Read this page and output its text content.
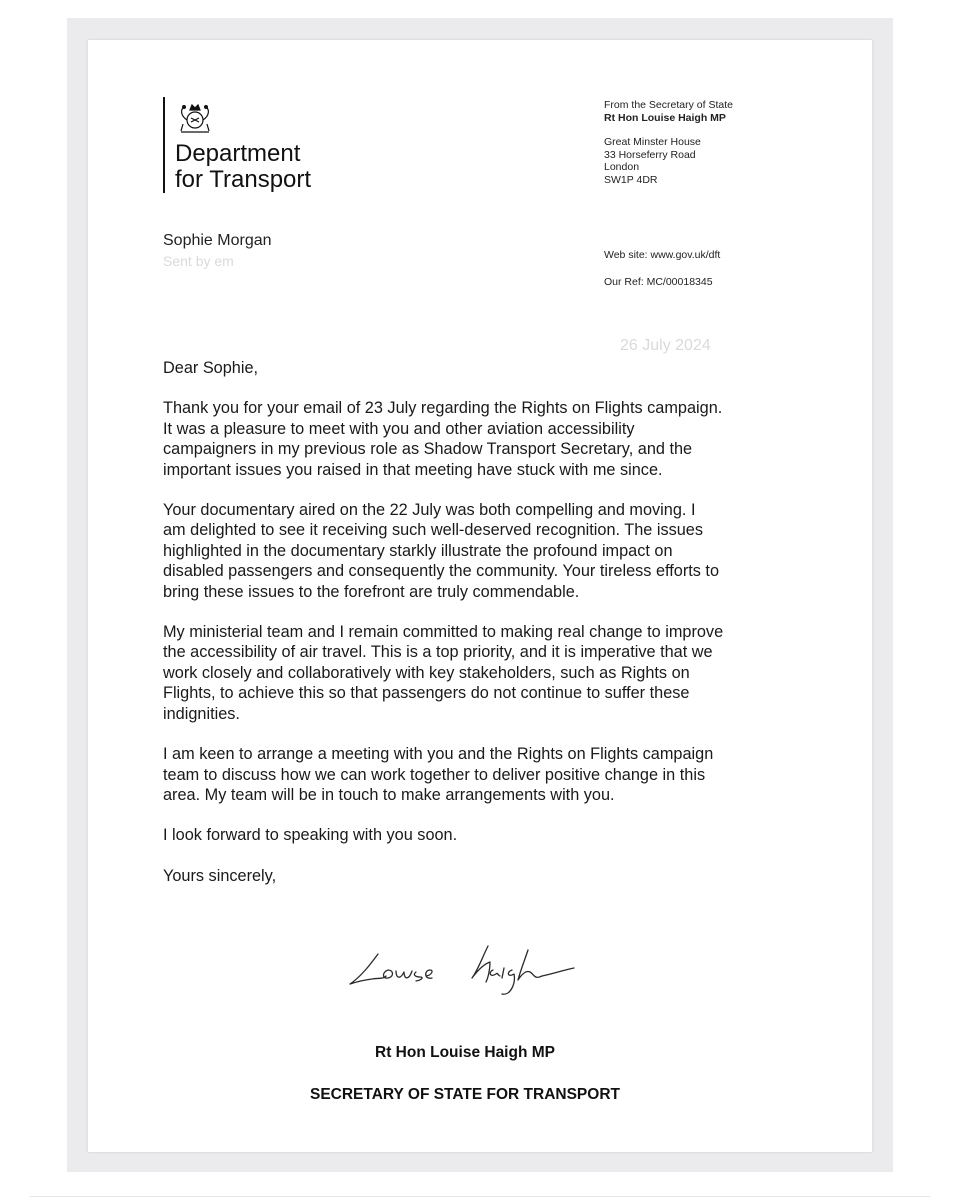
Department
for Transport
From the Secretary of State
Rt Hon Louise Haigh MP
Great Minster House
33 Horseferry Road
London
SW1P 4DR
Sophie Morgan
Sent by em	Web site: www.gov.uk/dft
Our Ref: MC/00018345
26 July 2024

Dear Sophie,

Thank you for your email of 23 July regarding the Rights on Flights campaign.
It was a pleasure to meet with you and other aviation accessibility
campaigners in my previous role as Shadow Transport Secretary, and the
important issues you raised in that meeting have stuck with me since.

Your documentary aired on the 22 July was both compelling and moving. I
am delighted to see it receiving such well-deserved recognition. The issues
highlighted in the documentary starkly illustrate the profound impact on
disabled passengers and consequently the community. Your tireless efforts to
bring these issues to the forefront are truly commendable.

My ministerial team and I remain committed to making real change to improve
the accessibility of air travel. This is a top priority, and it is imperative that we
work closely and collaboratively with key stakeholders, such as Rights on
Flights, to achieve this so that passengers do not continue to suffer these
indignities.

I am keen to arrange a meeting with you and the Rights on Flights campaign
team to discuss how we can work together to deliver positive change in this
area. My team will be in touch to make arrangements with you.

I look forward to speaking with you soon.

Yours sincerely,

Rt Hon Louise Haigh MP
SECRETARY OF STATE FOR TRANSPORT
